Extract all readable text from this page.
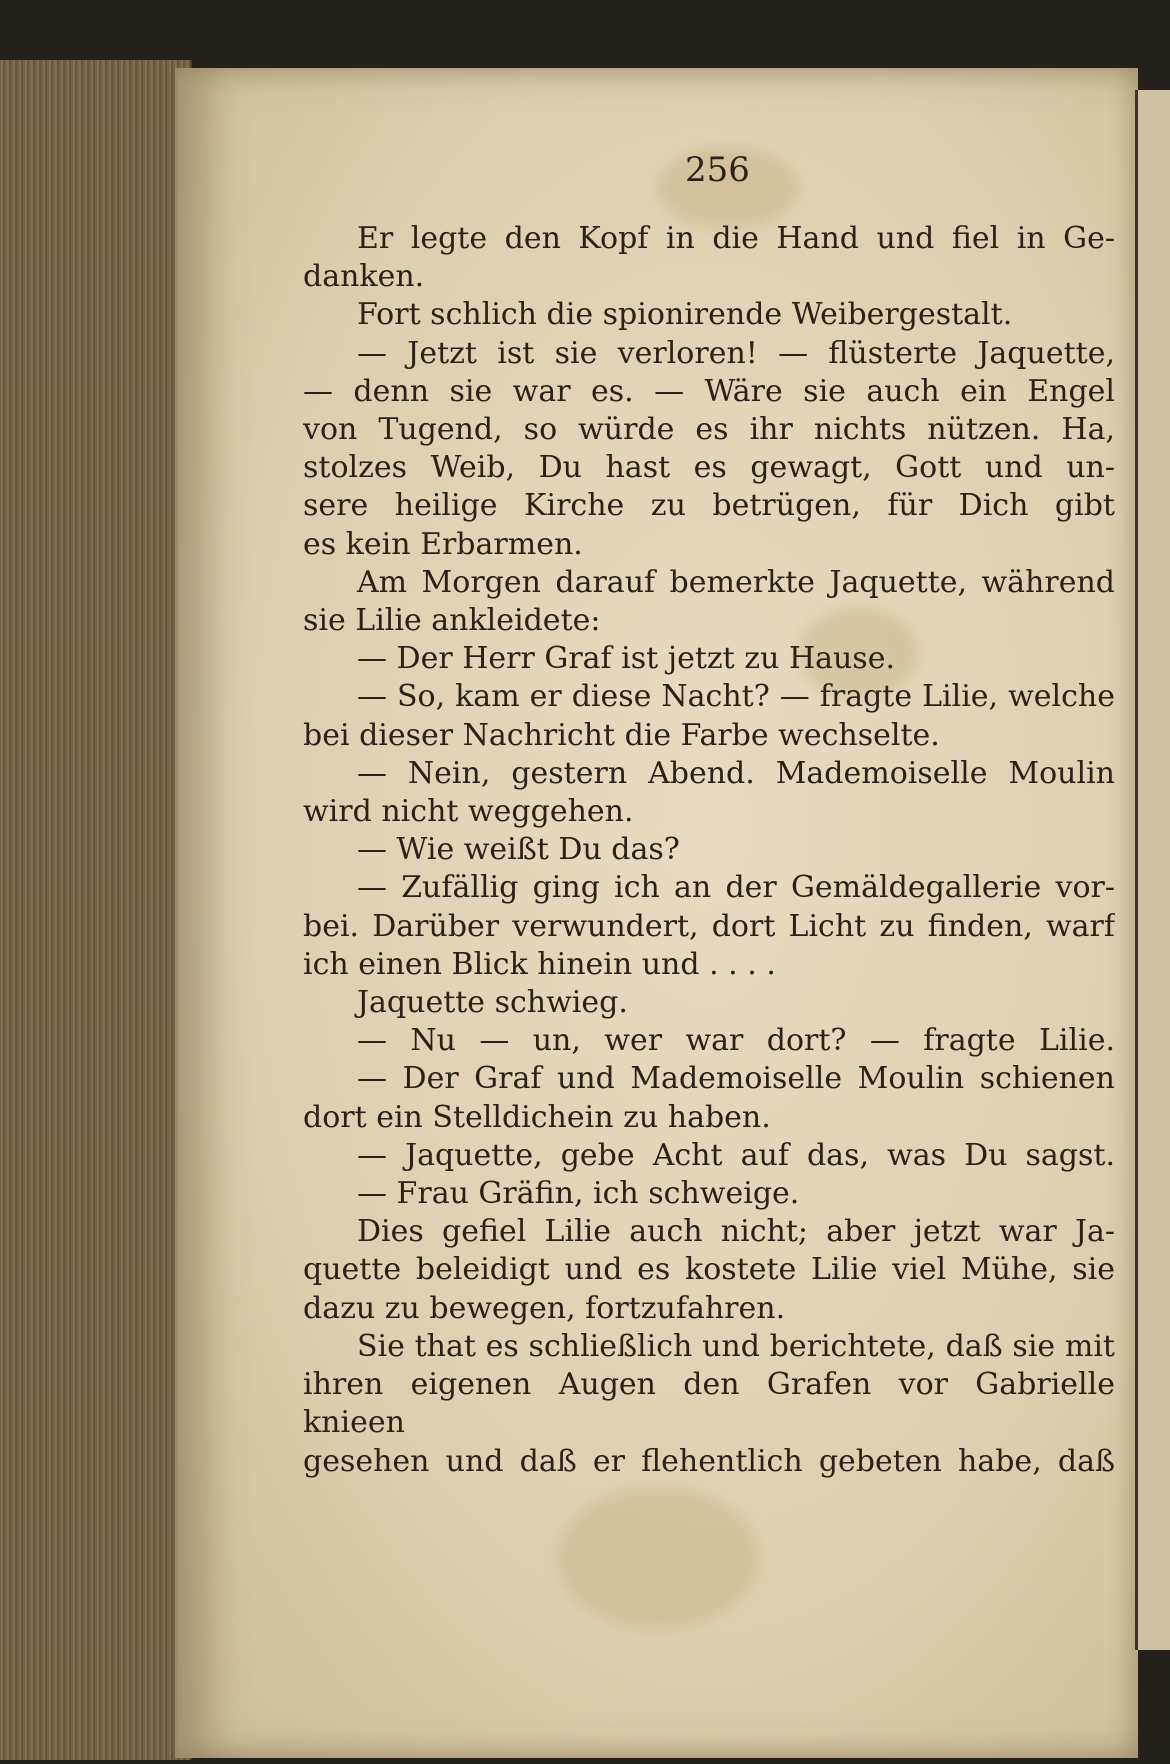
256
Er legte den Kopf in die Hand und fiel in Ge-
danken.
Fort schlich die spionirende Weibergestalt.
— Jetzt ist sie verloren! — flüsterte Jaquette,
— denn sie war es. — Wäre sie auch ein Engel
von Tugend, so würde es ihr nichts nützen. Ha,
stolzes Weib, Du hast es gewagt, Gott und un-
sere heilige Kirche zu betrügen, für Dich gibt
es kein Erbarmen.
Am Morgen darauf bemerkte Jaquette, während
sie Lilie ankleidete:
— Der Herr Graf ist jetzt zu Hause.
— So, kam er diese Nacht? — fragte Lilie, welche
bei dieser Nachricht die Farbe wechselte.
— Nein, gestern Abend. Mademoiselle Moulin
wird nicht weggehen.
— Wie weißt Du das?
— Zufällig ging ich an der Gemäldegallerie vor-
bei. Darüber verwundert, dort Licht zu finden, warf
ich einen Blick hinein und . . . .
Jaquette schwieg.
— Nu — un, wer war dort? — fragte Lilie.
— Der Graf und Mademoiselle Moulin schienen
dort ein Stelldichein zu haben.
— Jaquette, gebe Acht auf das, was Du sagst.
— Frau Gräfin, ich schweige.
Dies gefiel Lilie auch nicht; aber jetzt war Ja-
quette beleidigt und es kostete Lilie viel Mühe, sie
dazu zu bewegen, fortzufahren.
Sie that es schließlich und berichtete, daß sie mit
ihren eigenen Augen den Grafen vor Gabrielle knieen
gesehen und daß er flehentlich gebeten habe, daß
